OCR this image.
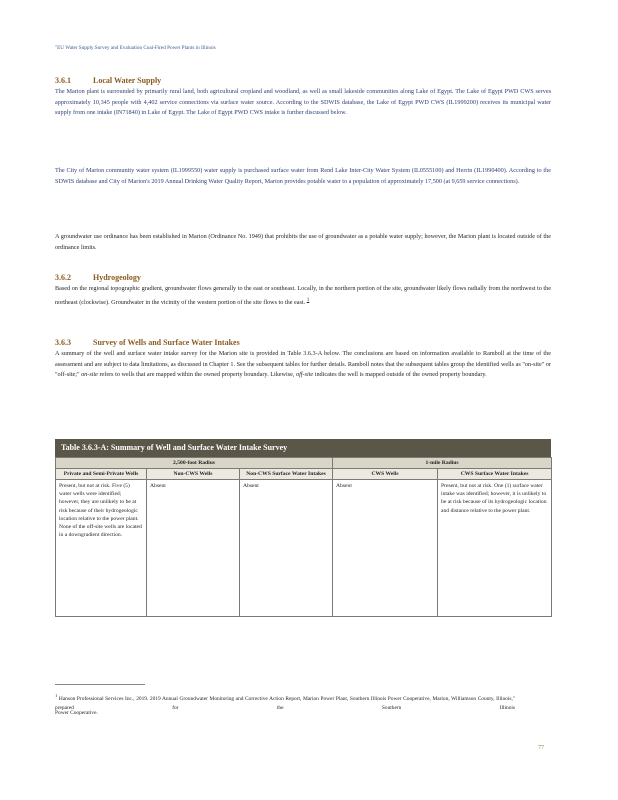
"EU Water Supply Survey and Evaluation Coal-Fired Power Plants in Illinois
3.6.1	Local Water Supply
The Marion plant is surrounded by primarily rural land, both agricultural cropland and woodland, as well as small lakeside communities along Lake of Egypt. The Lake of Egypt PWD CWS serves approximately 10,345 people with 4,402 service connections via surface water source. According to the SDWIS database, the Lake of Egypt PWD CWS (IL1999200) receives its municipal water supply from one intake (IN71840) in Lake of Egypt. The Lake of Egypt PWD CWS intake is further discussed below.
The City of Marion community water system (IL1999550) water supply is purchased surface water from Rend Lake Inter-City Water System (IL0555100) and Herrin (IL1990400). According to the SDWIS database and City of Marion's 2019 Annual Drinking Water Quality Report, Marion provides potable water to a population of approximately 17,500 (at 9,659 service connections).
A groundwater use ordinance has been established in Marion (Ordinance No. 1949) that prohibits the use of groundwater as a potable water supply; however, the Marion plant is located outside of the ordinance limits.
3.6.2	Hydrogeology
Based on the regional topographic gradient, groundwater flows generally to the east or southeast. Locally, in the northern portion of the site, groundwater likely flows radially from the northwest to the northeast (clockwise). Groundwater in the vicinity of the western portion of the site flows to the east. $^1$
3.6.3	Survey of Wells and Surface Water Intakes
A summary of the well and surface water intake survey for the Marion site is provided in Table 3.6.3-A below. The conclusions are based on information available to Ramboll at the time of the assessment and are subject to data limitations, as discussed in Chapter 1. See the subsequent tables for further details. Ramboll notes that the subsequent tables group the identified wells as "on-site" or "off-site;" on-site refers to wells that are mapped within the owned property boundary. Likewise, off-site indicates the well is mapped outside of the owned property boundary.
Table 3.6.3-A: Summary of Well and Surface Water Intake Survey
2,500-foot Radius			1-mile Radius	
Private and Semi-Private Wells	Non-CWS Wells	Non-CWS Surface Water Intakes	CWS Wells	CWS Surface Water Intakes
Present, but not at risk. Five (5) water wells were identified; however, they are unlikely to be at risk because of their hydrogeologic location relative to the power plant. None of the off-site wells are located in a downgradient direction.	Absent	Absent	Absent	Present, but not at risk. One (1) surface water intake was identified; however, it is unlikely to be at risk because of its hydrogeologic location and distance relative to the power plant.
$^1$ Hanson Professional Services Inc., 2019. 2019 Annual Groundwater Monitoring and Corrective Action Report, Marion Power Plant, Southern Illinois Power Cooperative, Marion, Williamson County, Illinois," prepared for the Southern Illinois
Power Cooperative.
77
